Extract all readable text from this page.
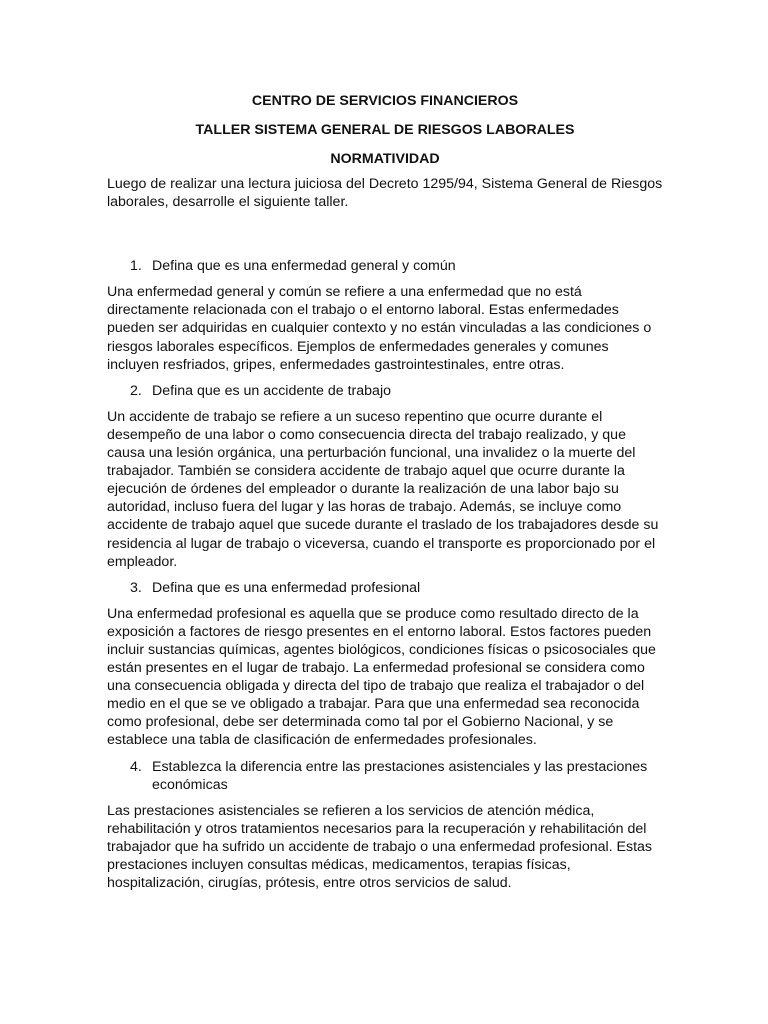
CENTRO DE SERVICIOS FINANCIEROS
TALLER SISTEMA GENERAL DE RIESGOS LABORALES
NORMATIVIDAD

Luego de realizar una lectura juiciosa del Decreto 1295/94, Sistema General de Riesgos laborales, desarrolle el siguiente taller.

1. Defina que es una enfermedad general y común

Una enfermedad general y común se refiere a una enfermedad que no está directamente relacionada con el trabajo o el entorno laboral. Estas enfermedades pueden ser adquiridas en cualquier contexto y no están vinculadas a las condiciones o riesgos laborales específicos. Ejemplos de enfermedades generales y comunes incluyen resfriados, gripes, enfermedades gastrointestinales, entre otras.

2. Defina que es un accidente de trabajo

Un accidente de trabajo se refiere a un suceso repentino que ocurre durante el desempeño de una labor o como consecuencia directa del trabajo realizado, y que causa una lesión orgánica, una perturbación funcional, una invalidez o la muerte del trabajador. También se considera accidente de trabajo aquel que ocurre durante la ejecución de órdenes del empleador o durante la realización de una labor bajo su autoridad, incluso fuera del lugar y las horas de trabajo. Además, se incluye como accidente de trabajo aquel que sucede durante el traslado de los trabajadores desde su residencia al lugar de trabajo o viceversa, cuando el transporte es proporcionado por el empleador.

3. Defina que es una enfermedad profesional

Una enfermedad profesional es aquella que se produce como resultado directo de la exposición a factores de riesgo presentes en el entorno laboral. Estos factores pueden incluir sustancias químicas, agentes biológicos, condiciones físicas o psicosociales que están presentes en el lugar de trabajo. La enfermedad profesional se considera como una consecuencia obligada y directa del tipo de trabajo que realiza el trabajador o del medio en el que se ve obligado a trabajar. Para que una enfermedad sea reconocida como profesional, debe ser determinada como tal por el Gobierno Nacional, y se establece una tabla de clasificación de enfermedades profesionales.

4. Establezca la diferencia entre las prestaciones asistenciales y las prestaciones económicas

Las prestaciones asistenciales se refieren a los servicios de atención médica, rehabilitación y otros tratamientos necesarios para la recuperación y rehabilitación del trabajador que ha sufrido un accidente de trabajo o una enfermedad profesional. Estas prestaciones incluyen consultas médicas, medicamentos, terapias físicas, hospitalización, cirugías, prótesis, entre otros servicios de salud.
